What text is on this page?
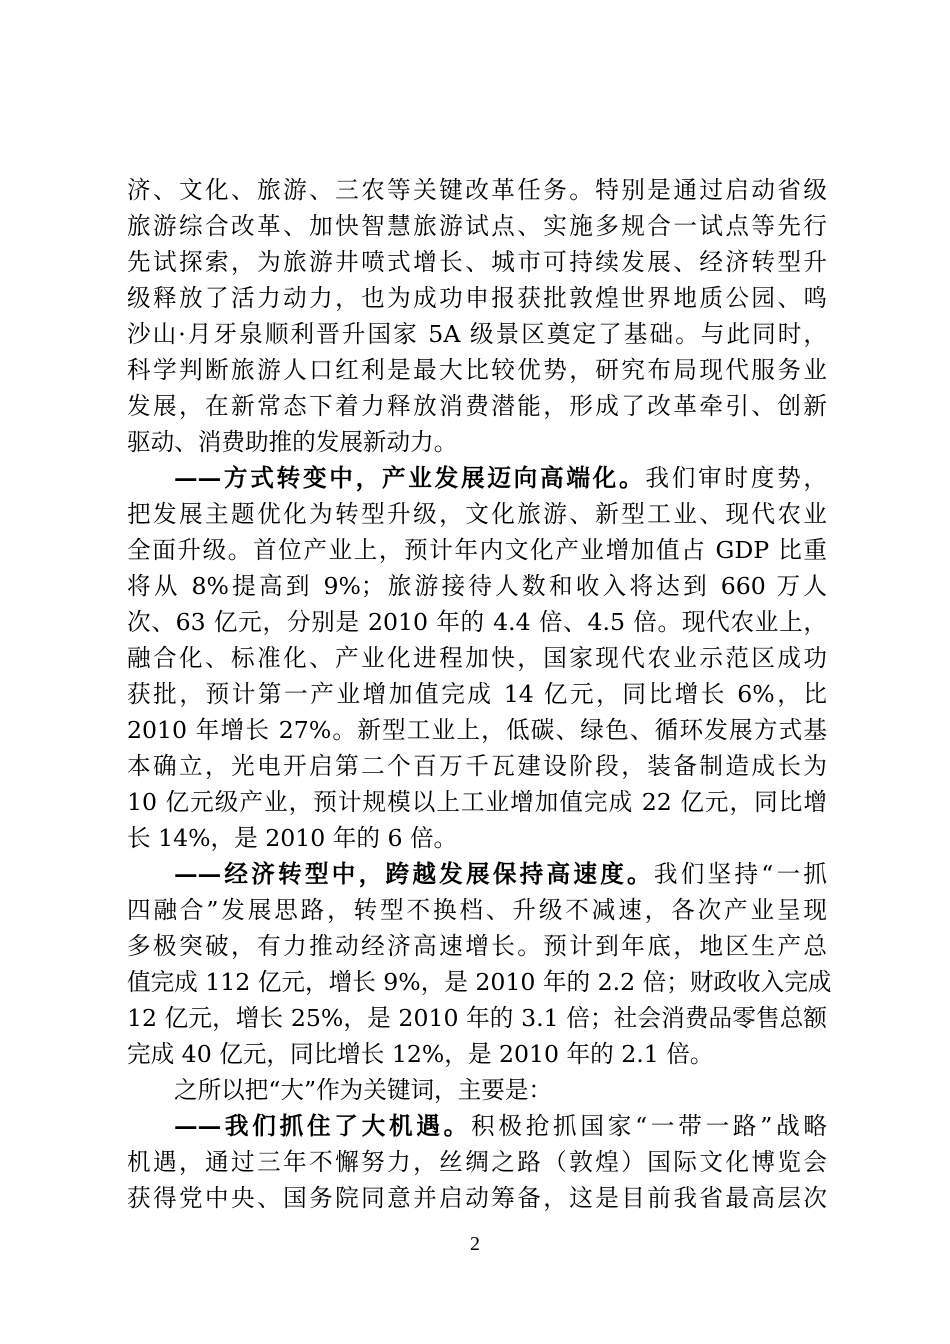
济、文化、旅游、三农等关键改革任务。特别是通过启动省级
旅游综合改革、加快智慧旅游试点、实施多规合一试点等先行
先试探索，为旅游井喷式增长、城市可持续发展、经济转型升
级释放了活力动力，也为成功申报获批敦煌世界地质公园、鸣
沙山·月牙泉顺利晋升国家 5A 级景区奠定了基础。与此同时，
科学判断旅游人口红利是最大比较优势，研究布局现代服务业
发展，在新常态下着力释放消费潜能，形成了改革牵引、创新
驱动、消费助推的发展新动力。
——方式转变中，产业发展迈向高端化。我们审时度势，
把发展主题优化为转型升级，文化旅游、新型工业、现代农业
全面升级。首位产业上，预计年内文化产业增加值占 GDP 比重
将从 8%提高到 9%；旅游接待人数和收入将达到 660 万人
次、63 亿元，分别是 2010 年的 4.4 倍、4.5 倍。现代农业上，
融合化、标准化、产业化进程加快，国家现代农业示范区成功
获批，预计第一产业增加值完成 14 亿元，同比增长 6%，比
2010 年增长 27%。新型工业上，低碳、绿色、循环发展方式基
本确立，光电开启第二个百万千瓦建设阶段，装备制造成长为
10 亿元级产业，预计规模以上工业增加值完成 22 亿元，同比增
长 14%，是 2010 年的 6 倍。
——经济转型中，跨越发展保持高速度。我们坚持“一抓
四融合”发展思路，转型不换档、升级不减速，各次产业呈现
多极突破，有力推动经济高速增长。预计到年底，地区生产总
值完成 112 亿元，增长 9%，是 2010 年的 2.2 倍；财政收入完成
12 亿元，增长 25%，是 2010 年的 3.1 倍；社会消费品零售总额
完成 40 亿元，同比增长 12%，是 2010 年的 2.1 倍。
之所以把“大”作为关键词，主要是：
——我们抓住了大机遇。积极抢抓国家“一带一路”战略
机遇，通过三年不懈努力，丝绸之路（敦煌）国际文化博览会
获得党中央、国务院同意并启动筹备，这是目前我省最高层次
2
